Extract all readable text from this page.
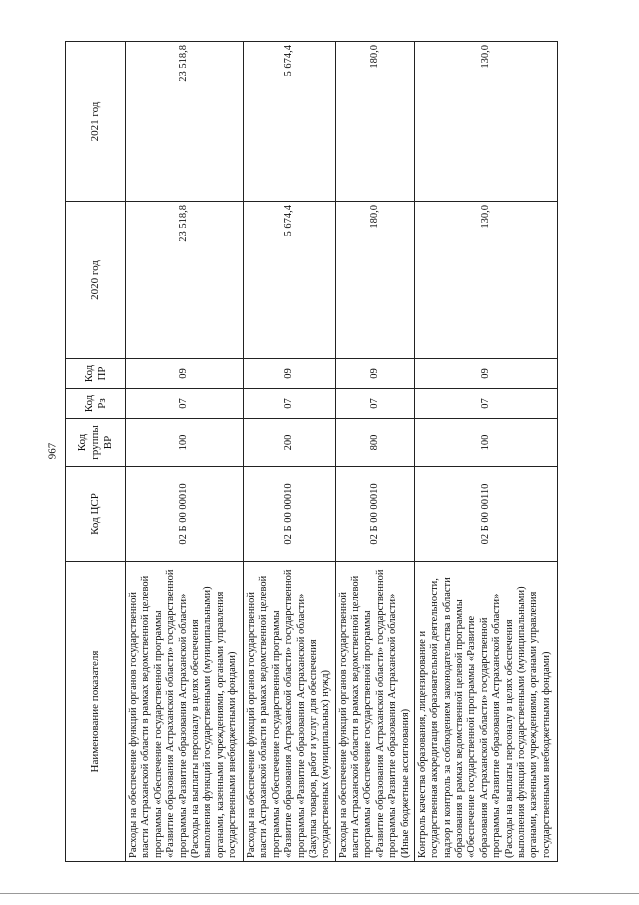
967
Наименование показателя	Код ЦСР	Код группы ВР	Код Рз	Код ПР	2020 год	2021 год
Расходы на обеспечение функций органов государственной власти Астраханской области в рамках ведомственной целевой программы «Обеспечение государственной программы «Развитие образования Астраханской области» государственной программы «Развитие образования Астраханской области» (Расходы на выплаты персоналу в целях обеспечения выполнения функций государственными (муниципальными) органами, казенными учреждениями, органами управления государственными внебюджетными фондами)	02 Б 00 00010	100	07	09	23 518,8	23 518,8
Расходы на обеспечение функций органов государственной власти Астраханской области в рамках ведомственной целевой программы «Обеспечение государственной программы «Развитие образования Астраханской области» государственной программы «Развитие образования Астраханской области» (Закупка товаров, работ и услуг для обеспечения государственных (муниципальных) нужд)	02 Б 00 00010	200	07	09	5 674,4	5 674,4
Расходы на обеспечение функций органов государственной власти Астраханской области в рамках ведомственной целевой программы «Обеспечение государственной программы «Развитие образования Астраханской области» государственной программы «Развитие образования Астраханской области» (Иные бюджетные ассигнования)	02 Б 00 00010	800	07	09	180,0	180,0
Контроль качества образования, лицензирование и государственная аккредитация образовательной деятельности, надзор и контроль за соблюдением законодательства в области образования в рамках ведомственной целевой программы «Обеспечение государственной программы «Развитие образования Астраханской области» государственной программы «Развитие образования Астраханской области» (Расходы на выплаты персоналу в целях обеспечения выполнения функций государственными (муниципальными) органами, казенными учреждениями, органами управления государственными внебюджетными фондами)	02 Б 00 00110	100	07	09	130,0	130,0
